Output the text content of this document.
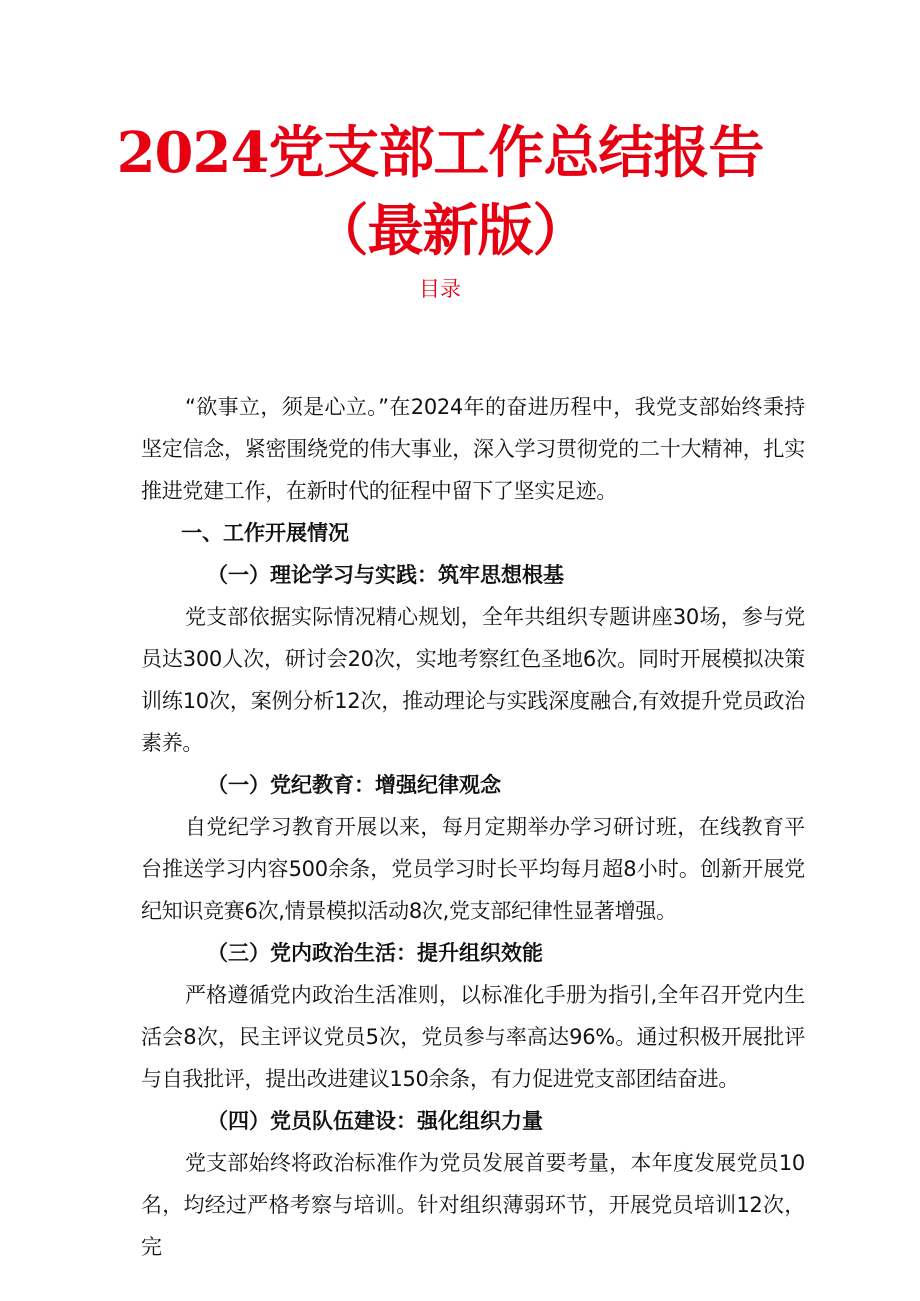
2024党支部工作总结报告
（最新版）
目录

“欲事立，须是心立。”在2024年的奋进历程中，我党支部始终秉持坚定信念，紧密围绕党的伟大事业，深入学习贯彻党的二十大精神，扎实推进党建工作，在新时代的征程中留下了坚实足迹。

一、工作开展情况

（一）理论学习与实践：筑牢思想根基

党支部依据实际情况精心规划，全年共组织专题讲座30场，参与党员达300人次，研讨会20次，实地考察红色圣地6次。同时开展模拟决策训练10次，案例分析12次，推动理论与实践深度融合,有效提升党员政治素养。

（一）党纪教育：增强纪律观念

自党纪学习教育开展以来，每月定期举办学习研讨班，在线教育平台推送学习内容500余条，党员学习时长平均每月超8小时。创新开展党纪知识竞赛6次,情景模拟活动8次,党支部纪律性显著增强。

（三）党内政治生活：提升组织效能

严格遵循党内政治生活准则，以标准化手册为指引,全年召开党内生活会8次，民主评议党员5次，党员参与率高达96%。通过积极开展批评与自我批评，提出改进建议150余条，有力促进党支部团结奋进。

（四）党员队伍建设：强化组织力量

党支部始终将政治标准作为党员发展首要考量，本年度发展党员10名，均经过严格考察与培训。针对组织薄弱环节，开展党员培训12次，完
